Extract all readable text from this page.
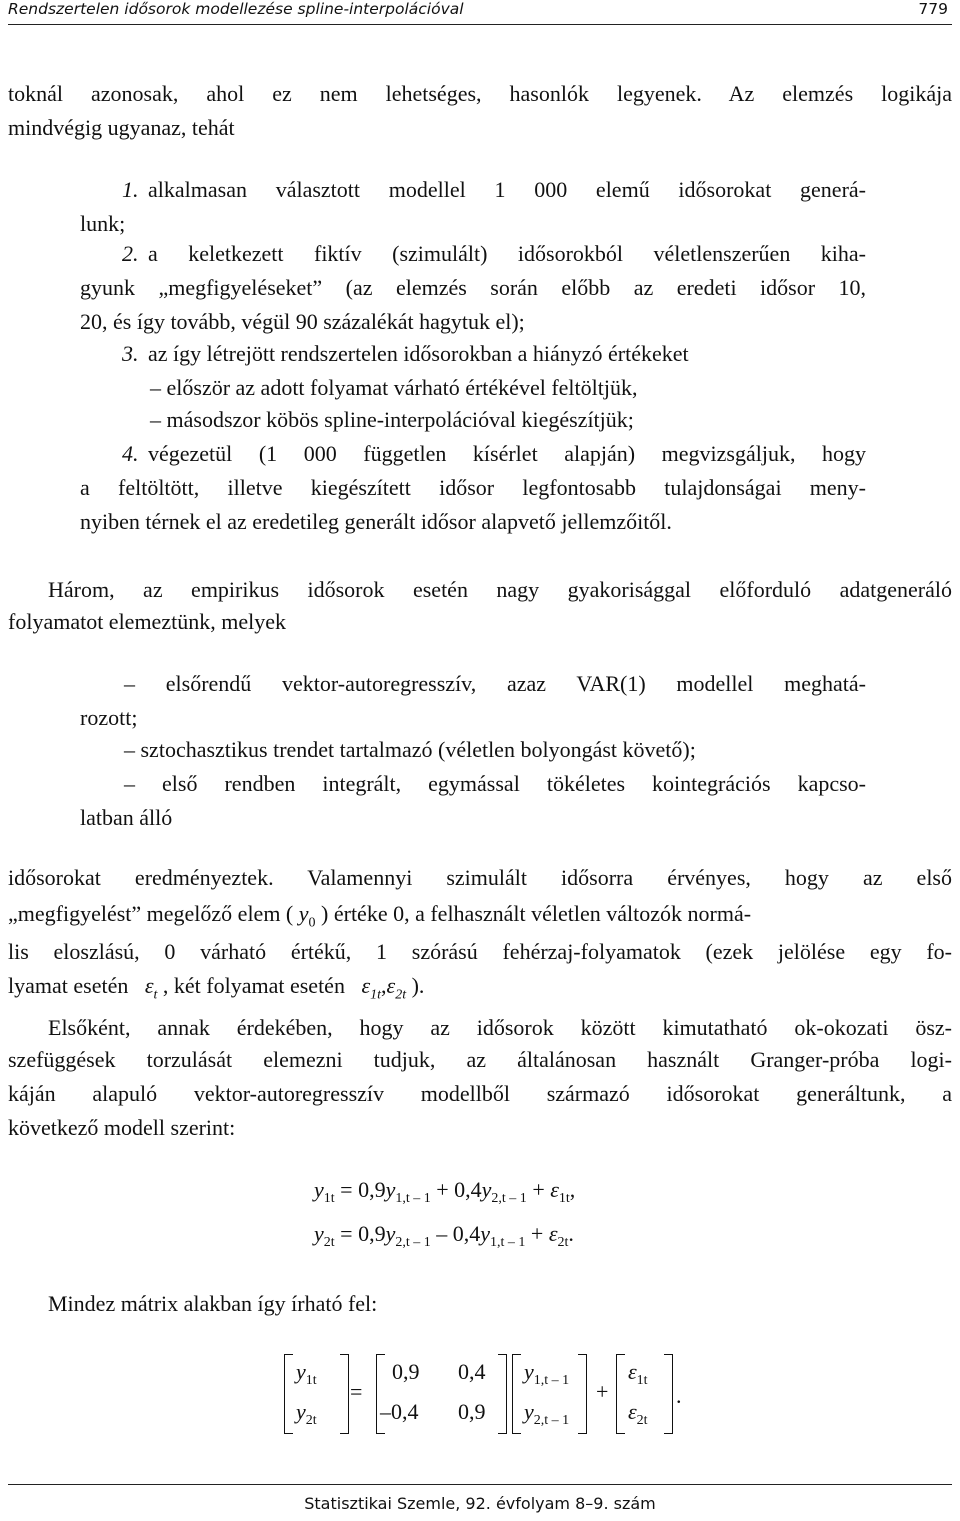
Rendszertelen idősorok modellezése spline-interpolációval	779
toknál azonosak, ahol ez nem lehetséges, hasonlók legyenek. Az elemzés logikája
mindvégig ugyanaz, tehát
1. alkalmasan választott modellel 1 000 elemű idősorokat generá-
lunk;
2. a keletkezett fiktív (szimulált) idősorokból véletlenszerűen kiha-
gyunk „megfigyeléseket” (az elemzés során előbb az eredeti idősor 10,
20, és így tovább, végül 90 százalékát hagytuk el);
3. az így létrejött rendszertelen idősorokban a hiányzó értékeket
– először az adott folyamat várható értékével feltöltjük,
– másodszor köbös spline-interpolációval kiegészítjük;
4. végezetül (1 000 független kísérlet alapján) megvizsgáljuk, hogy
a feltöltött, illetve kiegészített idősor legfontosabb tulajdonságai meny-
nyiben térnek el az eredetileg generált idősor alapvető jellemzőitől.
Három, az empirikus idősorok esetén nagy gyakorisággal előforduló adatgeneráló
folyamatot elemeztünk, melyek
– elsőrendű vektor-autoregresszív, azaz VAR(1) modellel meghatá-
rozott;
– sztochasztikus trendet tartalmazó (véletlen bolyongást követő);
– első rendben integrált, egymással tökéletes kointegrációs kapcso-
latban álló
idősorokat eredményeztek. Valamennyi szimulált idősorra érvényes, hogy az első
„megfigyelést” megelőző elem ( $y_0$ ) értéke 0, a felhasznált véletlen változók normá-
lis eloszlású, 0 várható értékű, 1 szórású fehérzaj-folyamatok (ezek jelölése egy fo-
lyamat esetén $\varepsilon_t$ , két folyamat esetén $\varepsilon_{1t},\varepsilon_{2t}$ ).
Elsőként, annak érdekében, hogy az idősorok között kimutatható ok-okozati ösz-
szefüggések torzulását elemezni tudjuk, az általánosan használt Granger-próba logi-
káján alapuló vektor-autoregresszív modellből származó idősorokat generáltunk, a
következő modell szerint:
$y_{1t} = 0,9y_{1,t - 1} + 0,4y_{2,t - 1} + \varepsilon_{1t}$,
$y_{2t} = 0,9y_{2,t - 1} - 0,4y_{1,t - 1} + \varepsilon_{2t}$.
Mindez mátrix alakban így írható fel:
$y_{1t}$
$y_{2t}$
=
0,9 0,4
–0,4 0,9
$y_{1,t - 1}$
$y_{2,t - 1}$
+
$\varepsilon_{1t}$
$\varepsilon_{2t}$
.
Statisztikai Szemle, 92. évfolyam 8–9. szám
